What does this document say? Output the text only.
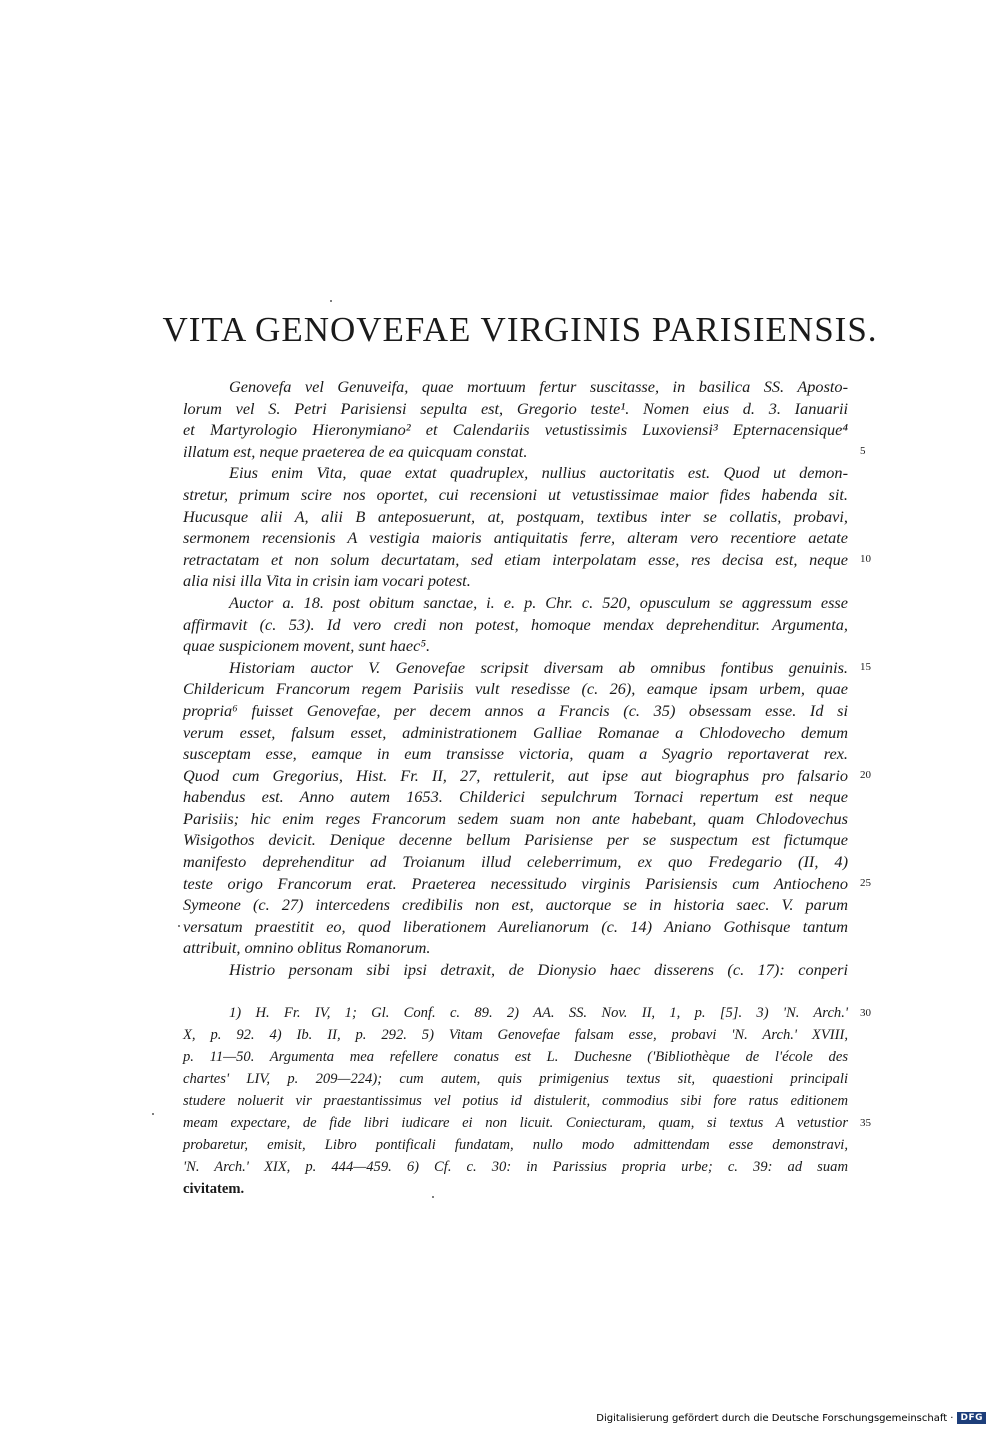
VITA GENOVEFAE VIRGINIS PARISIENSIS.
Genovefa vel Genuveifa, quae mortuum fertur suscitasse, in basilica SS. Aposto-
lorum vel S. Petri Parisiensi sepulta est, Gregorio teste¹. Nomen eius d. 3. Ianuarii
et Martyrologio Hieronymiano² et Calendariis vetustissimis Luxoviensi³ Epternacensique⁴
illatum est, neque praeterea de ea quicquam constat.	5
Eius enim Vita, quae extat quadruplex, nullius auctoritatis est. Quod ut demon-
stretur, primum scire nos oportet, cui recensioni ut vetustissimae maior fides habenda sit.
Hucusque alii A, alii B anteposuerunt, at, postquam, textibus inter se collatis, probavi,
sermonem recensionis A vestigia maioris antiquitatis ferre, alteram vero recentiore aetate
retractatam et non solum decurtatam, sed etiam interpolatam esse, res decisa est, neque 10
alia nisi illa Vita in crisin iam vocari potest.
Auctor a. 18. post obitum sanctae, i. e. p. Chr. c. 520, opusculum se aggressum esse
affirmavit (c. 53). Id vero credi non potest, homoque mendax deprehenditur. Argumenta,
quae suspicionem movent, sunt haec⁵.
Historiam auctor V. Genovefae scripsit diversam ab omnibus fontibus genuinis. 15
Childericum Francorum regem Parisiis vult resedisse (c. 26), eamque ipsam urbem, quae
propria⁶ fuisset Genovefae, per decem annos a Francis (c. 35) obsessam esse. Id si
verum esset, falsum esset, administrationem Galliae Romanae a Chlodovecho demum
susceptam esse, eamque in eum transisse victoria, quam a Syagrio reportaverat rex.
Quod cum Gregorius, Hist. Fr. II, 27, rettulerit, aut ipse aut biographus pro falsario 20
habendus est. Anno autem 1653. Childerici sepulchrum Tornaci repertum est neque
Parisiis; hic enim reges Francorum sedem suam non ante habebant, quam Chlodovechus
Wisigothos devicit. Denique decenne bellum Parisiense per se suspectum est fictumque
manifesto deprehenditur ad Troianum illud celeberrimum, ex quo Fredegario (II, 4)
teste origo Francorum erat. Praeterea necessitudo virginis Parisiensis cum Antiocheno 25
Symeone (c. 27) intercedens credibilis non est, auctorque se in historia saec. V. parum
versatum praestitit eo, quod liberationem Aurelianorum (c. 14) Aniano Gothisque tantum
attribuit, omnino oblitus Romanorum.
Histrio personam sibi ipsi detraxit, de Dionysio haec disserens (c. 17): conperi
1) H. Fr. IV, 1; Gl. Conf. c. 89. 2) AA. SS. Nov. II, 1, p. [5]. 3) 'N. Arch.' 30
X, p. 92. 4) Ib. II, p. 292. 5) Vitam Genovefae falsam esse, probavi 'N. Arch.' XVIII,
p. 11—50. Argumenta mea refellere conatus est L. Duchesne ('Bibliothèque de l'école des
chartes' LIV, p. 209—224); cum autem, quis primigenius textus sit, quaestioni principali
studere noluerit vir praestantissimus vel potius id distulerit, commodius sibi fore ratus editionem
meam expectare, de fide libri iudicare ei non licuit. Coniecturam, quam, si textus A vetustior 35
probaretur, emisit, Libro pontificali fundatam, nullo modo admittendam esse demonstravi,
'N. Arch.' XIX, p. 444—459. 6) Cf. c. 30: in Parissius propria urbe; c. 39: ad suam
civitatem.
Digitalisierung gefördert durch die Deutsche Forschungsgemeinschaft · DFG
